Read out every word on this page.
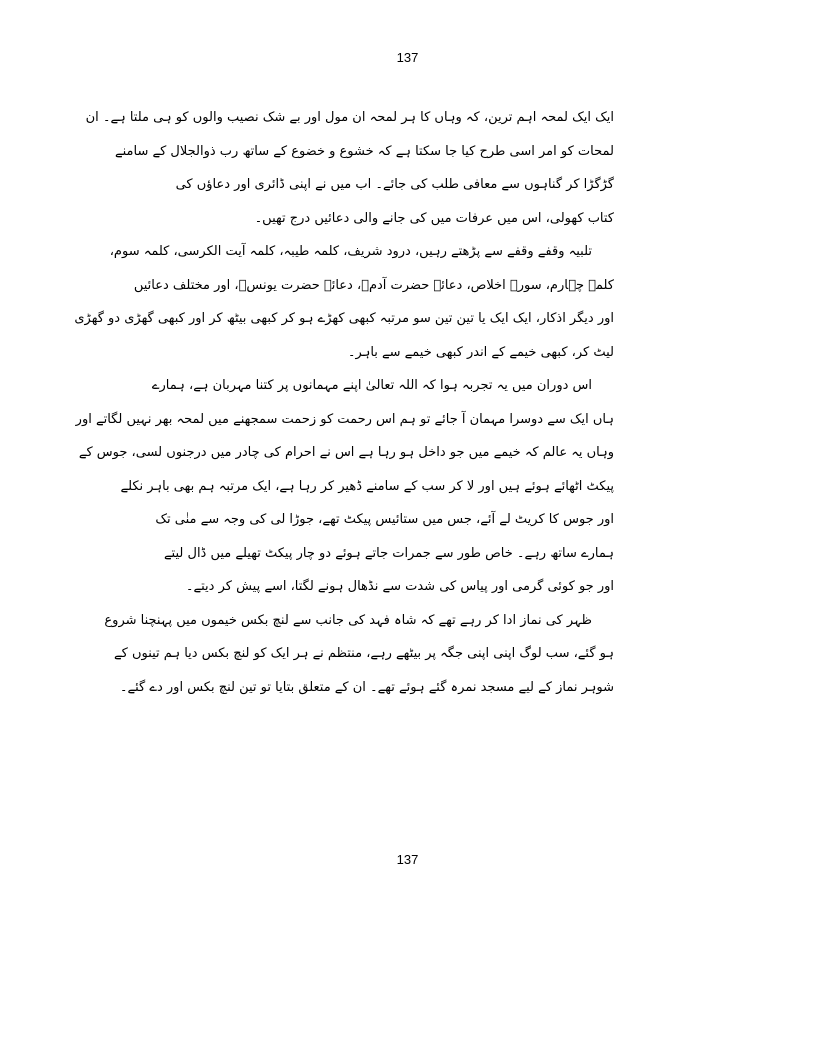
137
ایک ایک لمحہ اہم ترین، کہ وہاں کا ہر لمحہ ان مول اور بے شک نصیب والوں کو ہی ملتا ہے۔ ان
لمحات کو امر اسی طرح کیا جا سکتا ہے کہ خشوع و خضوع کے ساتھ رب ذوالجلال کے سامنے
گڑگڑا کر گناہوں سے معافی طلب کی جائے۔ اب میں نے اپنی ڈائری اور دعاؤں کی
کتاب کھولی، اس میں عرفات میں کی جانے والی دعائیں درج تھیں۔
تلبیہ وقفے وقفے سے پڑھتے رہیں، درود شریف، کلمہ طیبہ، کلمہ آیت الکرسی، کلمہ سوم،
کلمہ چہارم، سورۃ اخلاص، دعائے حضرت آدمؑ، دعائے حضرت یونسؑ، اور مختلف دعائیں
اور دیگر اذکار، ایک ایک یا تین تین سو مرتبہ کبھی کھڑے ہو کر کبھی بیٹھ کر اور کبھی گھڑی دو گھڑی
لیٹ کر، کبھی خیمے کے اندر کبھی خیمے سے باہر۔
اس دوران میں یہ تجربہ ہوا کہ اللہ تعالیٰ اپنے مہمانوں پر کتنا مہربان ہے، ہمارے
ہاں ایک سے دوسرا مہمان آ جائے تو ہم اس رحمت کو زحمت سمجھنے میں لمحہ بھر نہیں لگاتے اور
وہاں یہ عالم کہ خیمے میں جو داخل ہو رہا ہے اس نے احرام کی چادر میں درجنوں لسی، جوس کے
پیکٹ اٹھائے ہوئے ہیں اور لا کر سب کے سامنے ڈھیر کر رہا ہے، ایک مرتبہ ہم بھی باہر نکلے
اور جوس کا کریٹ لے آئے، جس میں ستائیس پیکٹ تھے، جوڑا لی کی وجہ سے منٰی تک
ہمارے ساتھ رہے۔ خاص طور سے جمرات جاتے ہوئے دو چار پیکٹ تھیلے میں ڈال لیتے
اور جو کوئی گرمی اور پیاس کی شدت سے نڈھال ہونے لگتا، اسے پیش کر دیتے۔
ظہر کی نماز ادا کر رہے تھے کہ شاہ فہد کی جانب سے لنچ بکس خیموں میں پہنچنا شروع
ہو گئے، سب لوگ اپنی اپنی جگہ پر بیٹھے رہے، منتظم نے ہر ایک کو لنچ بکس دیا ہم تینوں کے
شوہر نماز کے لیے مسجد نمرہ گئے ہوئے تھے۔ ان کے متعلق بتایا تو تین لنچ بکس اور دے گئے۔
137
